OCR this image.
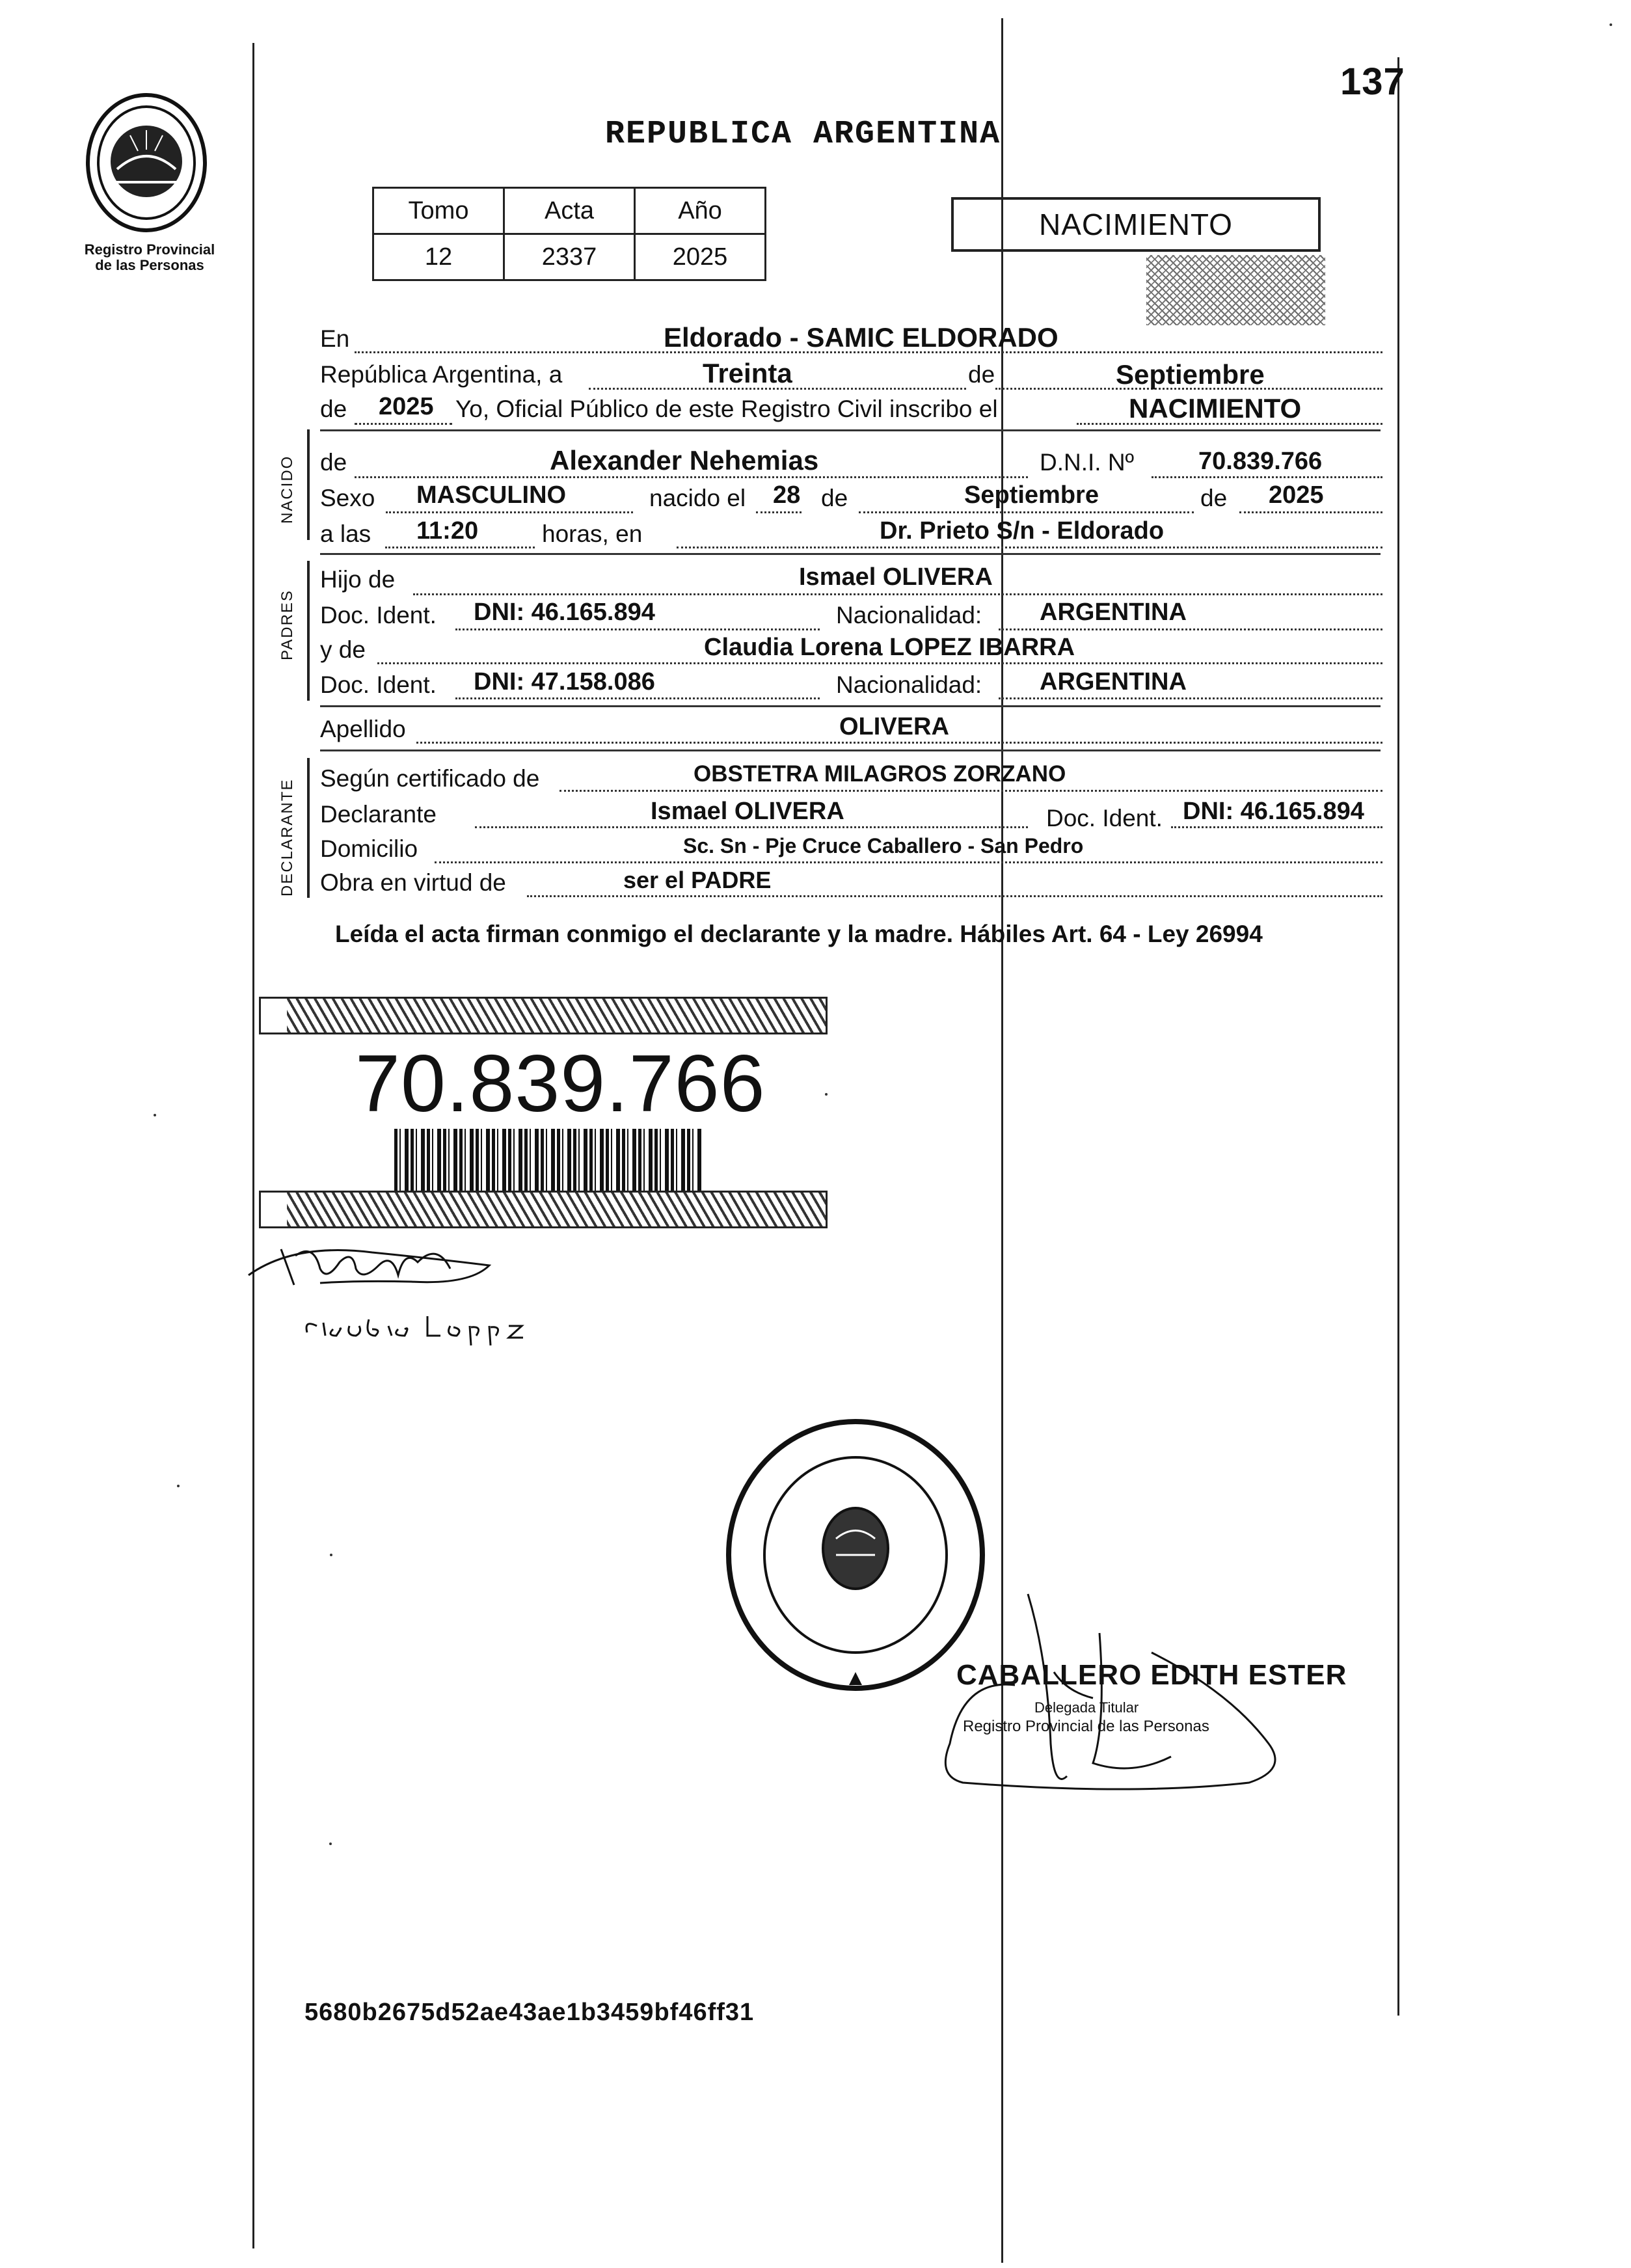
137
Registro Provincial
de las Personas
REPUBLICA ARGENTINA
Tomo	Acta	Año
12	2337	2025
NACIMIENTO
En	Eldorado - SAMIC ELDORADO
República Argentina, a	Treinta	de	Septiembre
de 2025 Yo, Oficial Público de este Registro Civil inscribo el	NACIMIENTO
NACIDO de	Alexander Nehemias	D.N.I. Nº	70.839.766
Sexo MASCULINO	nacido el 28 de	Septiembre	de 2025
a las 11:20	horas, en	Dr. Prieto S/n - Eldorado
PADRES
Hijo de	Ismael OLIVERA
Doc. Ident. DNI: 46.165.894	Nacionalidad: ARGENTINA
y de	Claudia Lorena LOPEZ IBARRA
Doc. Ident. DNI: 47.158.086	Nacionalidad: ARGENTINA
Apellido	OLIVERA
DECLARANTE
Según certificado de	OBSTETRA MILAGROS ZORZANO
Declarante	Ismael OLIVERA	Doc. Ident. DNI: 46.165.894
Domicilio	Sc. Sn - Pje Cruce Caballero - San Pedro
Obra en virtud de	ser el PADRE
Leída el acta firman conmigo el declarante y la madre. Hábiles Art. 64 - Ley 26994
70.839.766
CABALLERO EDITH ESTER
Delegada Titular
Registro Provincial de las Personas
5680b2675d52ae43ae1b3459bf46ff31
